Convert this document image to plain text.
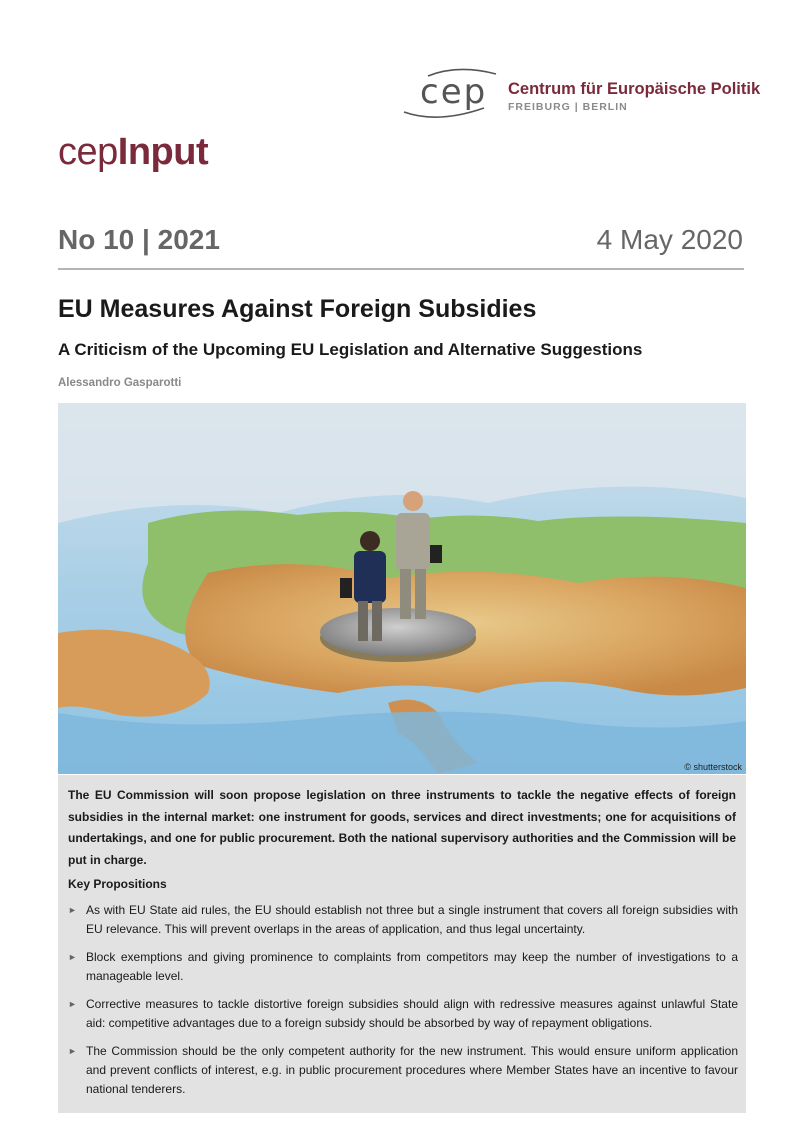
cep Centrum für Europäische Politik
FREIBURG | BERLIN
cepInput
No 10 | 2021	4 May 2020
EU Measures Against Foreign Subsidies
A Criticism of the Upcoming EU Legislation and Alternative Suggestions
Alessandro Gasparotti
© shutterstock
The EU Commission will soon propose legislation on three instruments to tackle the negative effects of foreign subsidies in the internal market: one instrument for goods, services and direct investments; one for acquisitions of undertakings, and one for public procurement. Both the national supervisory authorities and the Commission will be put in charge.
Key Propositions
► As with EU State aid rules, the EU should establish not three but a single instrument that covers all foreign subsidies with EU relevance. This will prevent overlaps in the areas of application, and thus legal uncertainty.
► Block exemptions and giving prominence to complaints from competitors may keep the number of investigations to a manageable level.
► Corrective measures to tackle distortive foreign subsidies should align with redressive measures against unlawful State aid: competitive advantages due to a foreign subsidy should be absorbed by way of repayment obligations.
► The Commission should be the only competent authority for the new instrument. This would ensure uniform application and prevent conflicts of interest, e.g. in public procurement procedures where Member States have an incentive to favour national tenderers.
